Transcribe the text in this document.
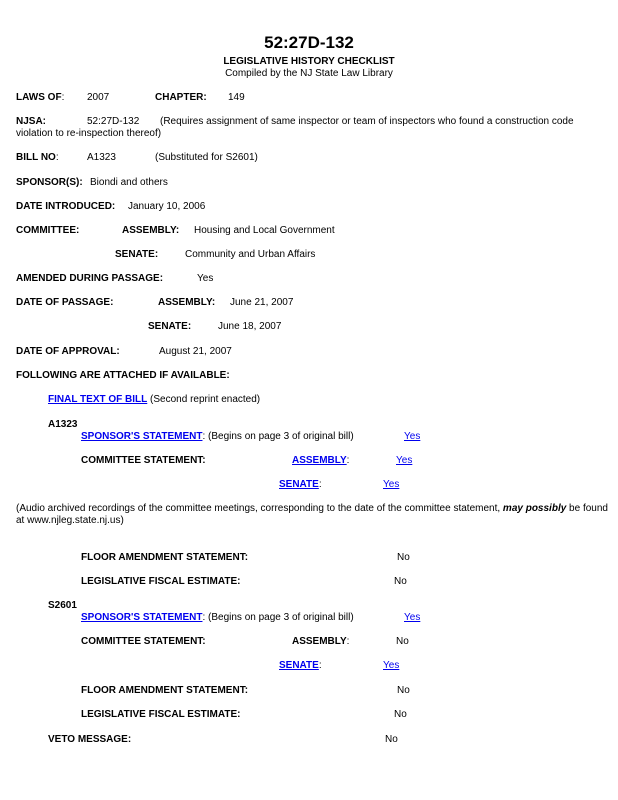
52:27D-132
LEGISLATIVE HISTORY CHECKLIST
Compiled by the NJ State Law Library
LAWS OF: 2007	CHAPTER: 149
NJSA:	52:27D-132 (Requires assignment of same inspector or team of inspectors who found a construction code
violation to re-inspection thereof)
BILL NO:	A1323	(Substituted for S2601)
SPONSOR(S): Biondi and others
DATE INTRODUCED: January 10, 2006
COMMITTEE:	ASSEMBLY: Housing and Local Government
SENATE:	Community and Urban Affairs
AMENDED DURING PASSAGE:	Yes
DATE OF PASSAGE:	ASSEMBLY: June 21, 2007
SENATE:	June 18, 2007
DATE OF APPROVAL:	August 21, 2007
FOLLOWING ARE ATTACHED IF AVAILABLE:
FINAL TEXT OF BILL (Second reprint enacted)
A1323
SPONSOR'S STATEMENT: (Begins on page 3 of original bill)	Yes
COMMITTEE STATEMENT:	ASSEMBLY:	Yes
SENATE:	Yes
(Audio archived recordings of the committee meetings, corresponding to the date of the committee statement, may possibly be found
at www.njleg.state.nj.us)
FLOOR AMENDMENT STATEMENT:	No
LEGISLATIVE FISCAL ESTIMATE:	No
S2601
SPONSOR'S STATEMENT: (Begins on page 3 of original bill)	Yes
COMMITTEE STATEMENT:	ASSEMBLY:	No
SENATE:	Yes
FLOOR AMENDMENT STATEMENT:	No
LEGISLATIVE FISCAL ESTIMATE:	No
VETO MESSAGE:	No
